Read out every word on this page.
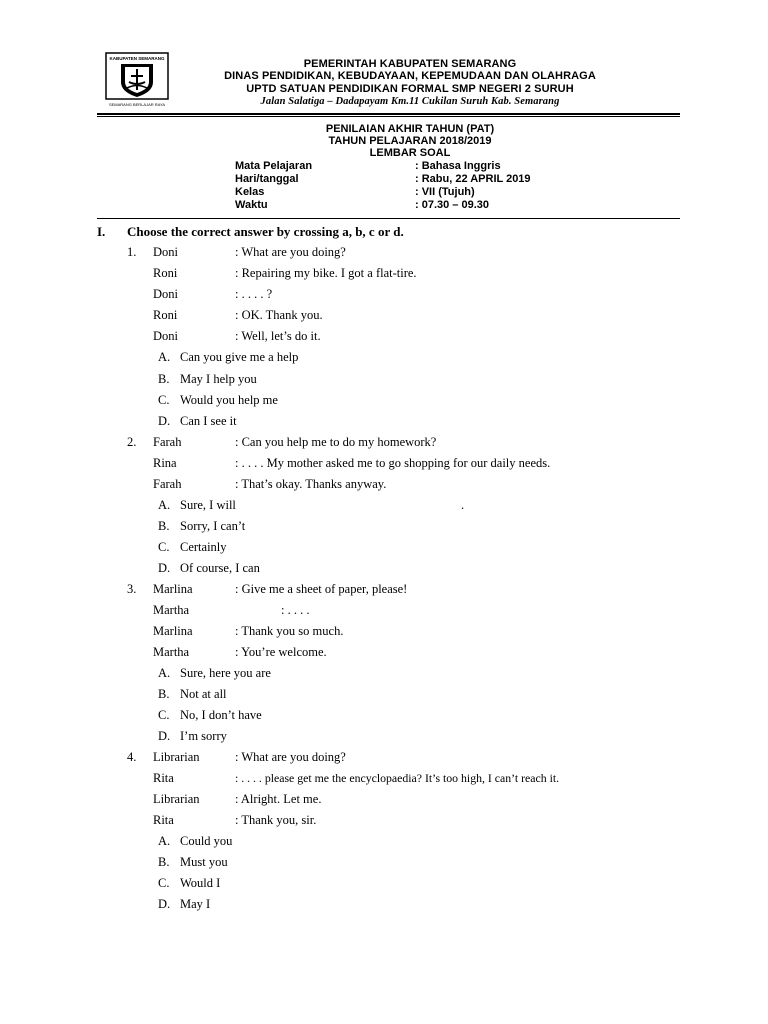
KABUPATEN SEMARANG
SEMARANG BERLAJAR RAYA
PEMERINTAH KABUPATEN SEMARANG
DINAS PENDIDIKAN, KEBUDAYAAN, KEPEMUDAAN DAN OLAHRAGA
UPTD SATUAN PENDIDIKAN FORMAL SMP NEGERI 2 SURUH
Jalan Salatiga – Dadapayam Km.11 Cukilan Suruh Kab. Semarang
PENILAIAN AKHIR TAHUN (PAT)
TAHUN PELAJARAN 2018/2019
LEMBAR SOAL
Mata Pelajaran	: Bahasa Inggris
Hari/tanggal	: Rabu, 22 APRIL 2019
Kelas	: VII (Tujuh)
Waktu	: 07.30 – 09.30
I. Choose the correct answer by crossing a, b, c or d.
1. Doni	: What are you doing?
Roni	: Repairing my bike. I got a flat-tire.
Doni	: . . . . ?
Roni	: OK. Thank you.
Doni	: Well, let’s do it.
A. Can you give me a help
B. May I help you
C. Would you help me
D. Can I see it
2. Farah	: Can you help me to do my homework?
Rina	: . . . . My mother asked me to go shopping for our daily needs.
Farah	: That’s okay. Thanks anyway.
A. Sure, I will	.
B. Sorry, I can’t
C. Certainly
D. Of course, I can
3. Marlina	: Give me a sheet of paper, please!
Martha	: . . . .
Marlina	: Thank you so much.
Martha	: You’re welcome.
A. Sure, here you are
B. Not at all
C. No, I don’t have
D. I’m sorry
4. Librarian	: What are you doing?
Rita	: . . . . please get me the encyclopaedia? It’s too high, I can’t reach it.
Librarian	: Alright. Let me.
Rita	: Thank you, sir.
A. Could you
B. Must you
C. Would I
D. May I
